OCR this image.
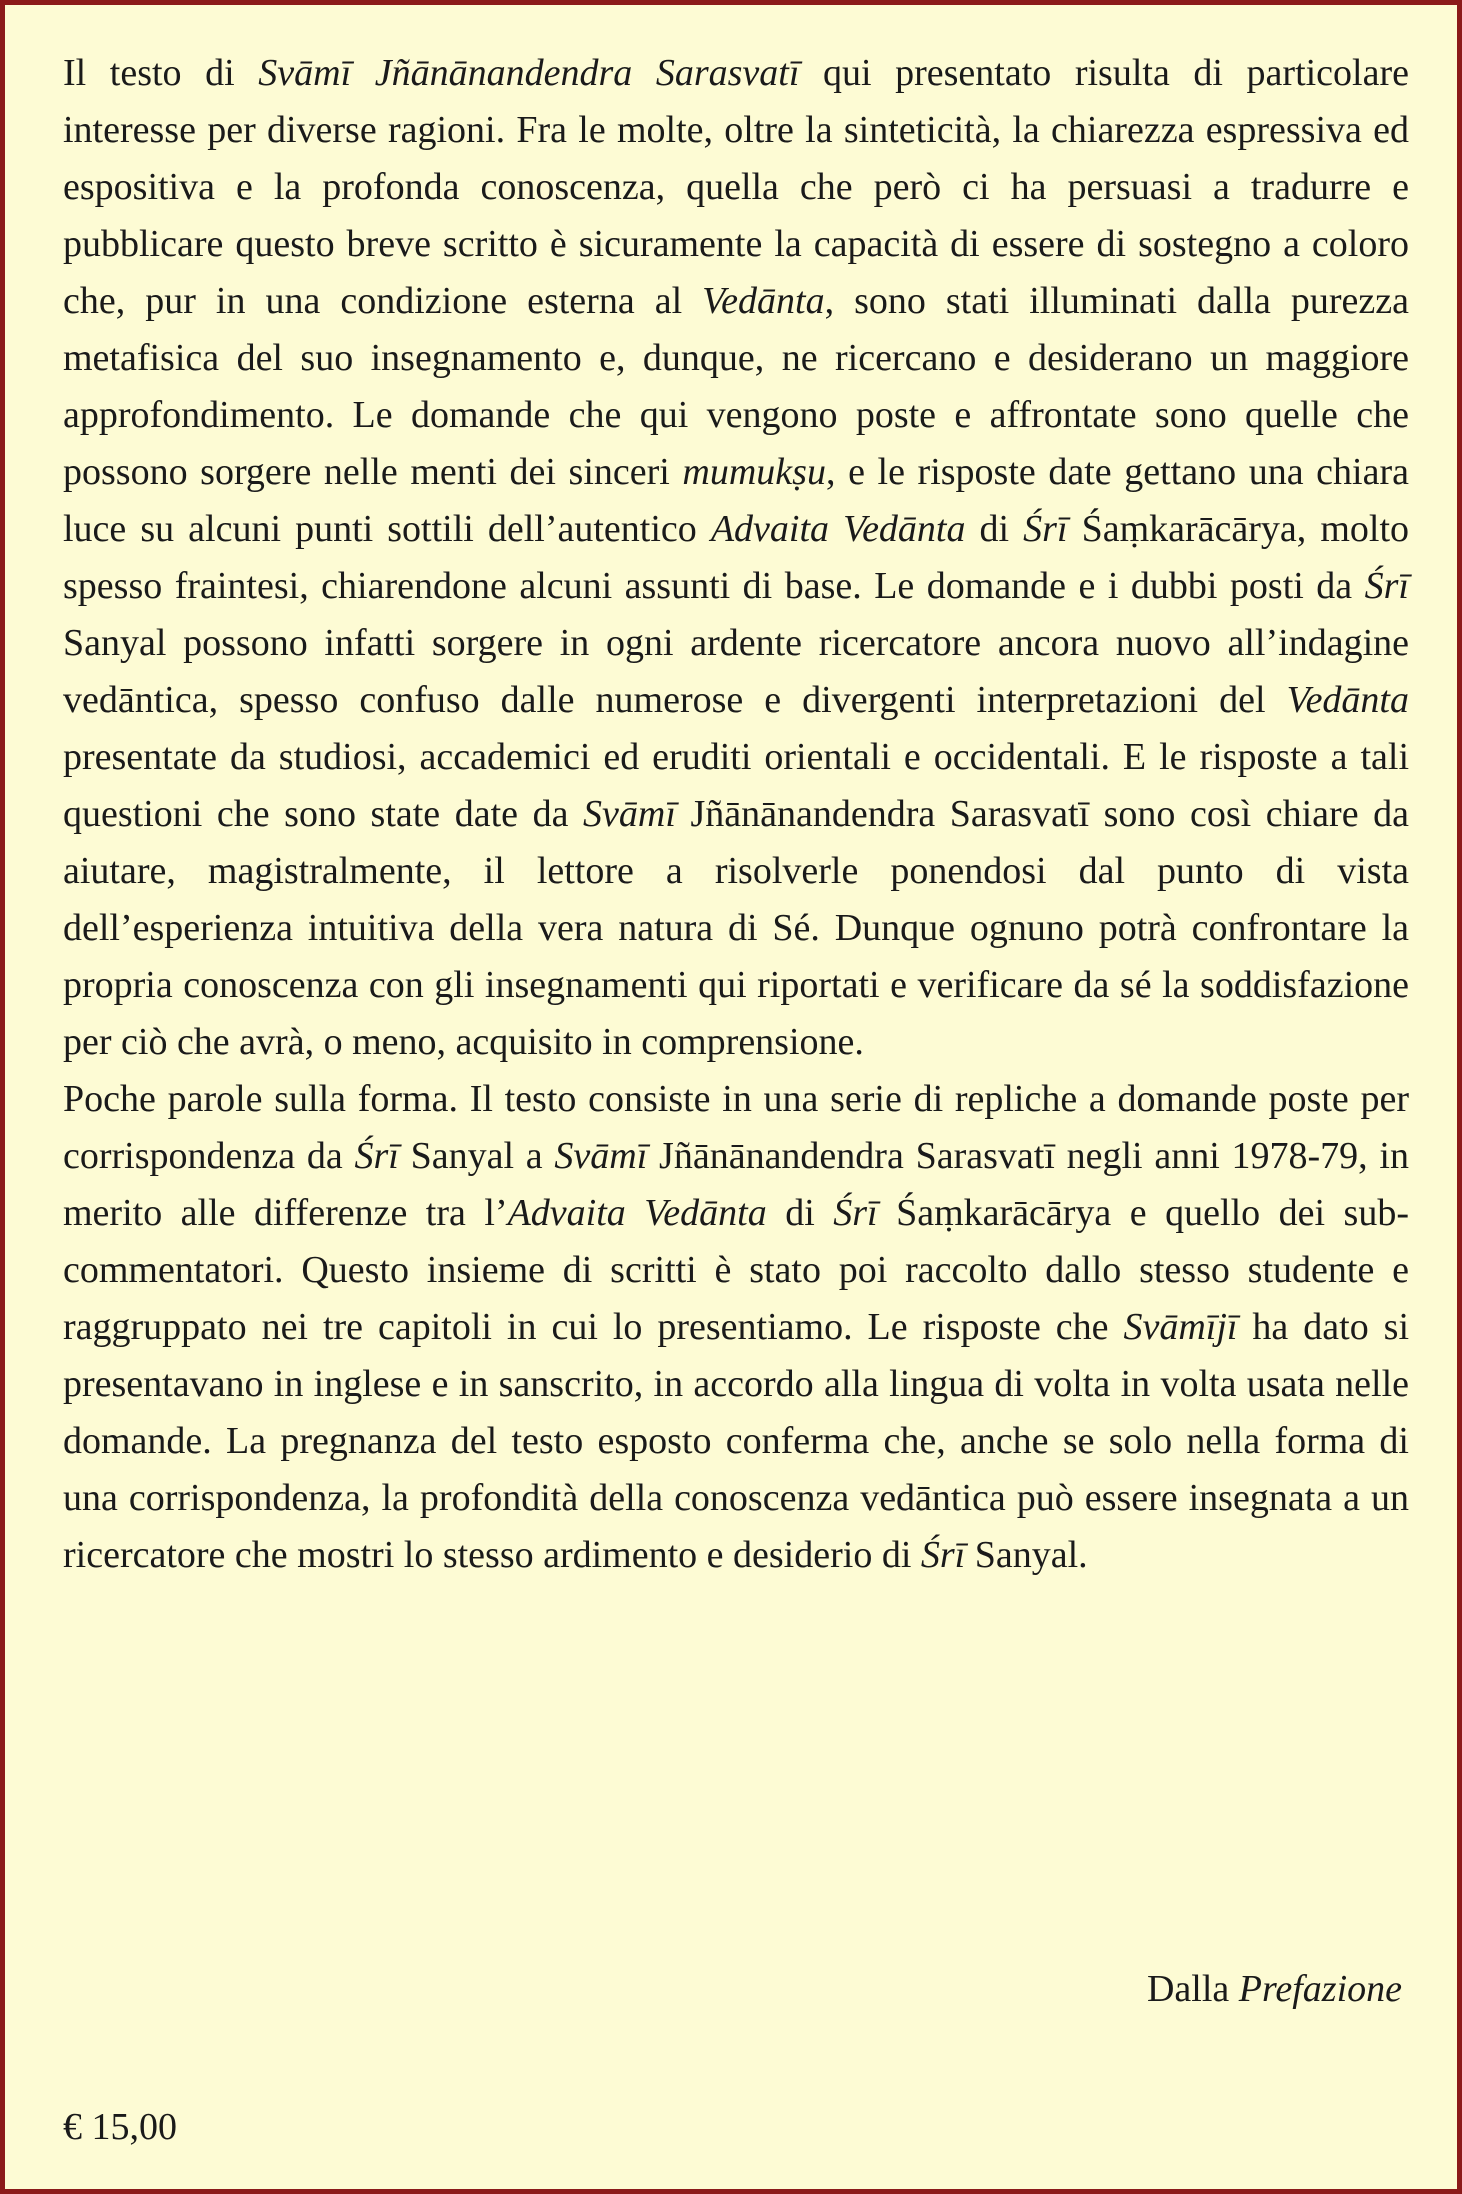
Il testo di Svāmī Jñānānandendra Sarasvatī qui presentato risulta di particolare interesse per diverse ragioni. Fra le molte, oltre la sinteticità, la chiarezza espressiva ed espositiva e la profonda conoscenza, quella che però ci ha persuasi a tradurre e pubblicare questo breve scritto è sicuramente la capacità di essere di sostegno a coloro che, pur in una condizione esterna al Vedānta, sono stati illuminati dalla purezza metafisica del suo insegnamento e, dunque, ne ricercano e desiderano un maggiore approfondimento. Le domande che qui vengono poste e affrontate sono quelle che possono sorgere nelle menti dei sinceri mumukṣu, e le risposte date gettano una chiara luce su alcuni punti sottili dell’autentico Advaita Vedānta di Śrī Śaṃkarācārya, molto spesso fraintesi, chiarendone alcuni assunti di base. Le domande e i dubbi posti da Śrī Sanyal possono infatti sorgere in ogni ardente ricercatore ancora nuovo all’indagine vedāntica, spesso confuso dalle numerose e divergenti interpretazioni del Vedānta presentate da studiosi, accademici ed eruditi orientali e occidentali. E le risposte a tali questioni che sono state date da Svāmī Jñānānandendra Sarasvatī sono così chiare da aiutare, magistralmente, il lettore a risolverle ponendosi dal punto di vista dell’esperienza intuitiva della vera natura di Sé. Dunque ognuno potrà confrontare la propria conoscenza con gli insegnamenti qui riportati e verificare da sé la soddisfazione per ciò che avrà, o meno, acquisito in comprensione.

Poche parole sulla forma. Il testo consiste in una serie di repliche a domande poste per corrispondenza da Śrī Sanyal a Svāmī Jñānānandendra Sarasvatī negli anni 1978-79, in merito alle differenze tra l’Advaita Vedānta di Śrī Śaṃkarācārya e quello dei sub-commentatori. Questo insieme di scritti è stato poi raccolto dallo stesso studente e raggruppato nei tre capitoli in cui lo presentiamo. Le risposte che Svāmījī ha dato si presentavano in inglese e in sanscrito, in accordo alla lingua di volta in volta usata nelle domande. La pregnanza del testo esposto conferma che, anche se solo nella forma di una corrispondenza, la profondità della conoscenza vedāntica può essere insegnata a un ricercatore che mostri lo stesso ardimento e desiderio di Śrī Sanyal.

Dalla Prefazione
€ 15,00
